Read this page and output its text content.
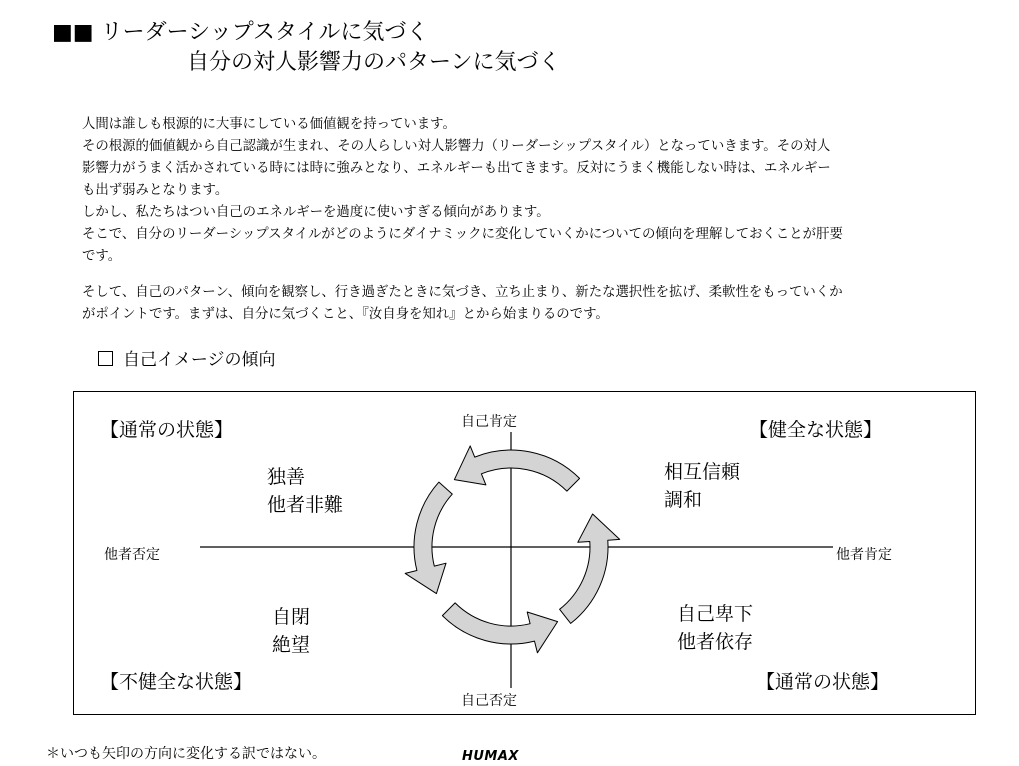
■■ リーダーシップスタイルに気づく
自分の対人影響力のパターンに気づく
人間は誰しも根源的に大事にしている価値観を持っています。
その根源的価値観から自己認識が生まれ、その人らしい対人影響力（リーダーシップスタイル）となっていきます。その対人
影響力がうまく活かされている時には時に強みとなり、エネルギーも出てきます。反対にうまく機能しない時は、エネルギー
も出ず弱みとなります。
しかし、私たちはつい自己のエネルギーを過度に使いすぎる傾向があります。
そこで、自分のリーダーシップスタイルがどのようにダイナミックに変化していくかについての傾向を理解しておくことが肝要
です。
そして、自己のパターン、傾向を観察し、行き過ぎたときに気づき、立ち止まり、新たな選択性を拡げ、柔軟性をもっていくか
がポイントです。まずは、自分に気づくこと、『汝自身を知れ』とから始まりるのです。
自己イメージの傾向
自己肯定
自己否定
他者否定	他者肯定
【通常の状態】
独善
他者非難
【健全な状態】
相互信頼
調和
【不健全な状態】
自閉
絶望
【通常の状態】
自己卑下
他者依存
＊いつも矢印の方向に変化する訳ではない。	HUMAX
